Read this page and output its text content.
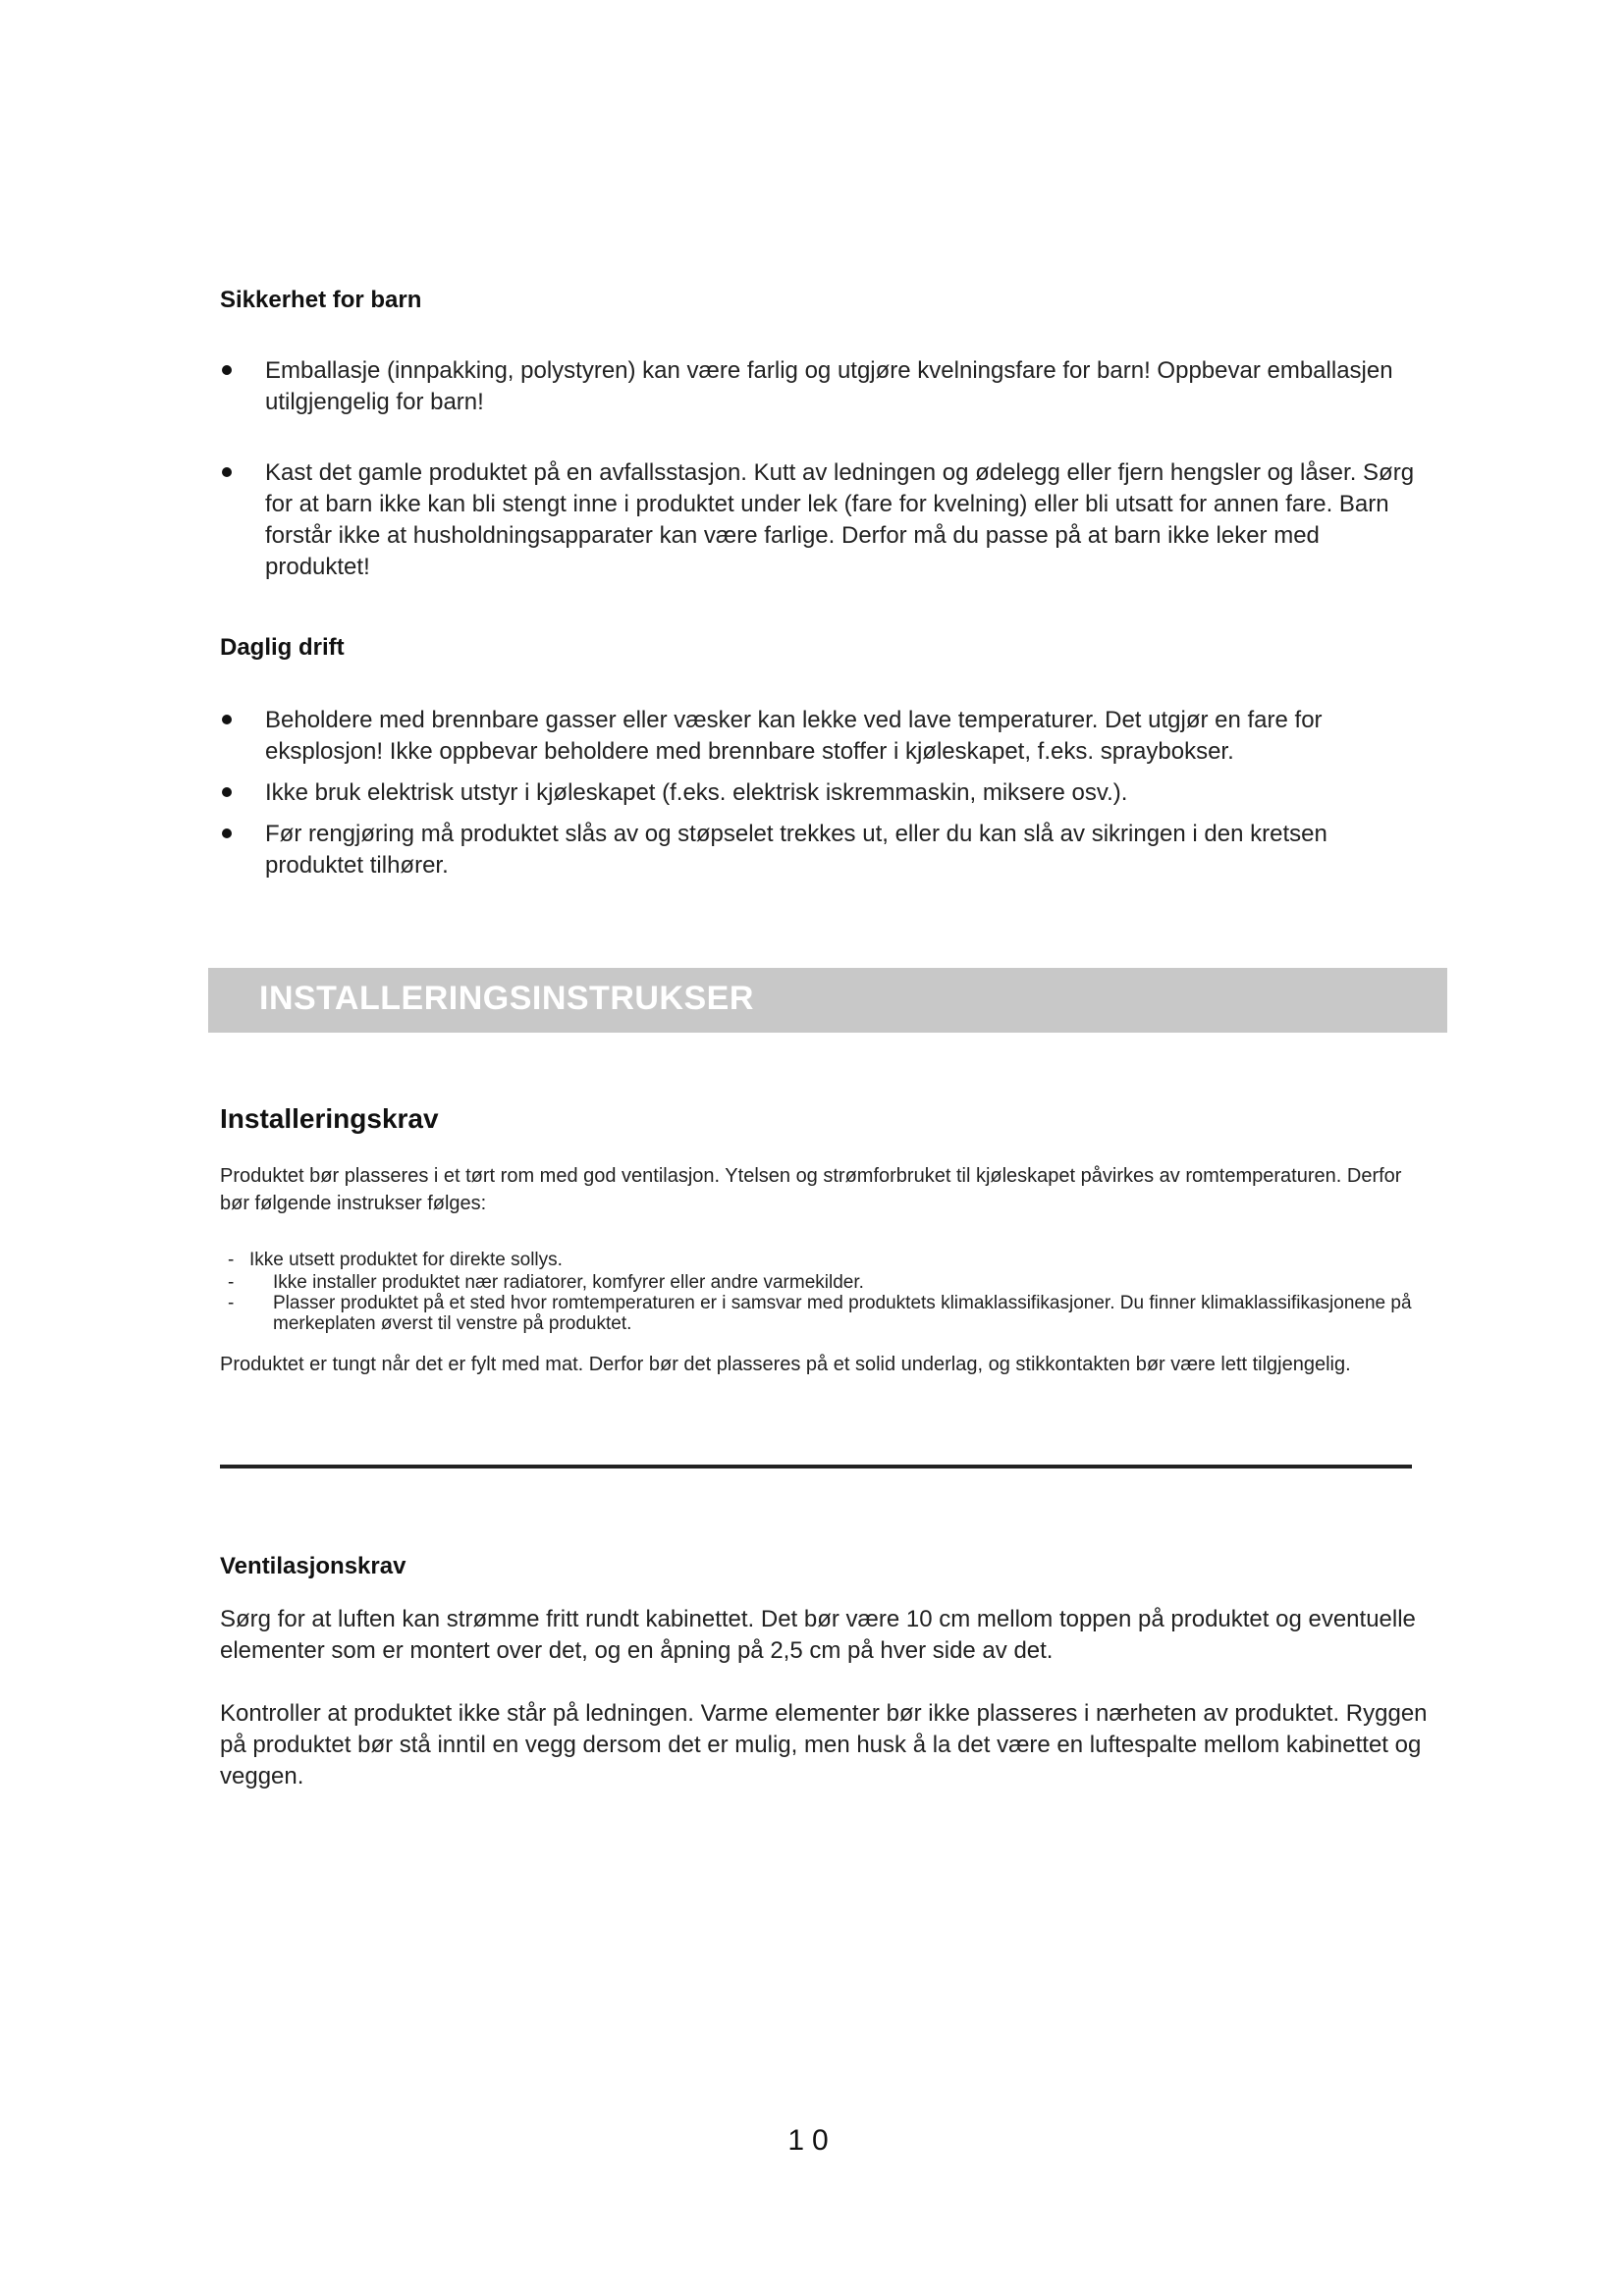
Sikkerhet for barn
Emballasje (innpakking, polystyren) kan være farlig og utgjøre kvelningsfare for barn! Oppbevar emballasjen utilgjengelig for barn!
Kast det gamle produktet på en avfallsstasjon. Kutt av ledningen og ødelegg eller fjern hengsler og låser. Sørg for at barn ikke kan bli stengt inne i produktet under lek (fare for kvelning) eller bli utsatt for annen fare. Barn forstår ikke at husholdningsapparater kan være farlige. Derfor må du passe på at barn ikke leker med produktet!
Daglig drift
Beholdere med brennbare gasser eller væsker kan lekke ved lave temperaturer. Det utgjør en fare for eksplosjon! Ikke oppbevar beholdere med brennbare stoffer i kjøleskapet, f.eks. spraybokser.
Ikke bruk elektrisk utstyr i kjøleskapet (f.eks. elektrisk iskremmaskin, miksere osv.).
Før rengjøring må produktet slås av og støpselet trekkes ut, eller du kan slå av sikringen i den kretsen produktet tilhører.
INSTALLERINGSINSTRUKSER
Installeringskrav

Produktet bør plasseres i et tørt rom med god ventilasjon. Ytelsen og strømforbruket til kjøleskapet påvirkes av romtemperaturen. Derfor bør følgende instrukser følges:

- Ikke utsett produktet for direkte sollys.
- Ikke installer produktet nær radiatorer, komfyrer eller andre varmekilder.
- Plasser produktet på et sted hvor romtemperaturen er i samsvar med produktets klimaklassifikasjoner. Du finner klimaklassifikasjonene på merkeplaten øverst til venstre på produktet.

Produktet er tungt når det er fylt med mat. Derfor bør det plasseres på et solid underlag, og stikkontakten bør være lett tilgjengelig.

Ventilasjonskrav

Sørg for at luften kan strømme fritt rundt kabinettet. Det bør være 10 cm mellom toppen på produktet og eventuelle elementer som er montert over det, og en åpning på 2,5 cm på hver side av det.

Kontroller at produktet ikke står på ledningen. Varme elementer bør ikke plasseres i nærheten av produktet. Ryggen på produktet bør stå inntil en vegg dersom det er mulig, men husk å la det være en luftespalte mellom kabinettet og veggen.

10
